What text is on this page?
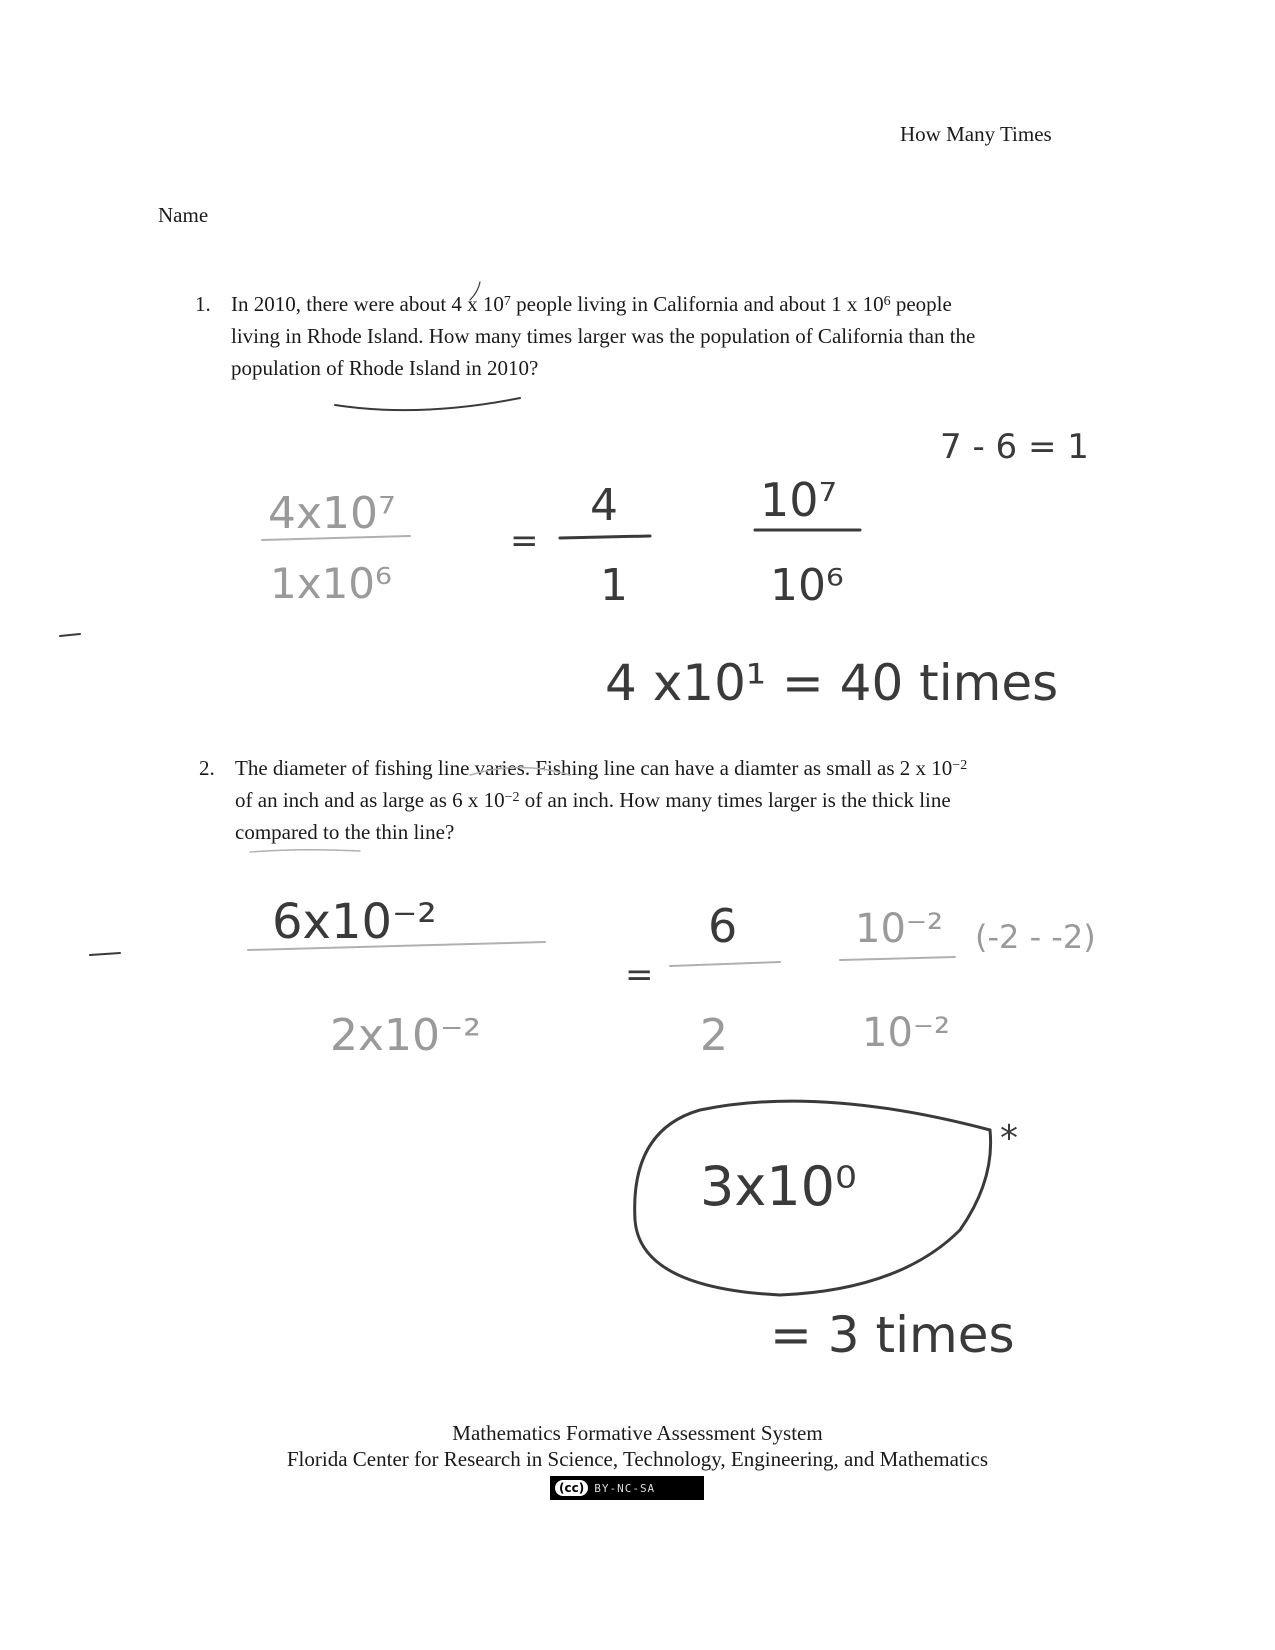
How Many Times
Name
1. In 2010, there were about 4 x $10^7$ people living in California and about 1 x $10^6$ people
living in Rhode Island. How many times larger was the population of California than the
population of Rhode Island in 2010?
2. The diameter of fishing line varies. Fishing line can have a diamter as small as 2 x $10^{-2}$
of an inch and as large as 6 x $10^{-2}$ of an inch. How many times larger is the thick line
compared to the thin line?
4x10⁷
1x10⁶
=
4
1
10⁷
10⁶
7 - 6 = 1
4 x10¹ = 40 times
6x10⁻²
2x10⁻²
=
6
2
10⁻²
10⁻²
(-2 - -2)
3x10⁰
*
= 3 times
Mathematics Formative Assessment System
Florida Center for Research in Science, Technology, Engineering, and Mathematics
(cc) BY-NC-SA
